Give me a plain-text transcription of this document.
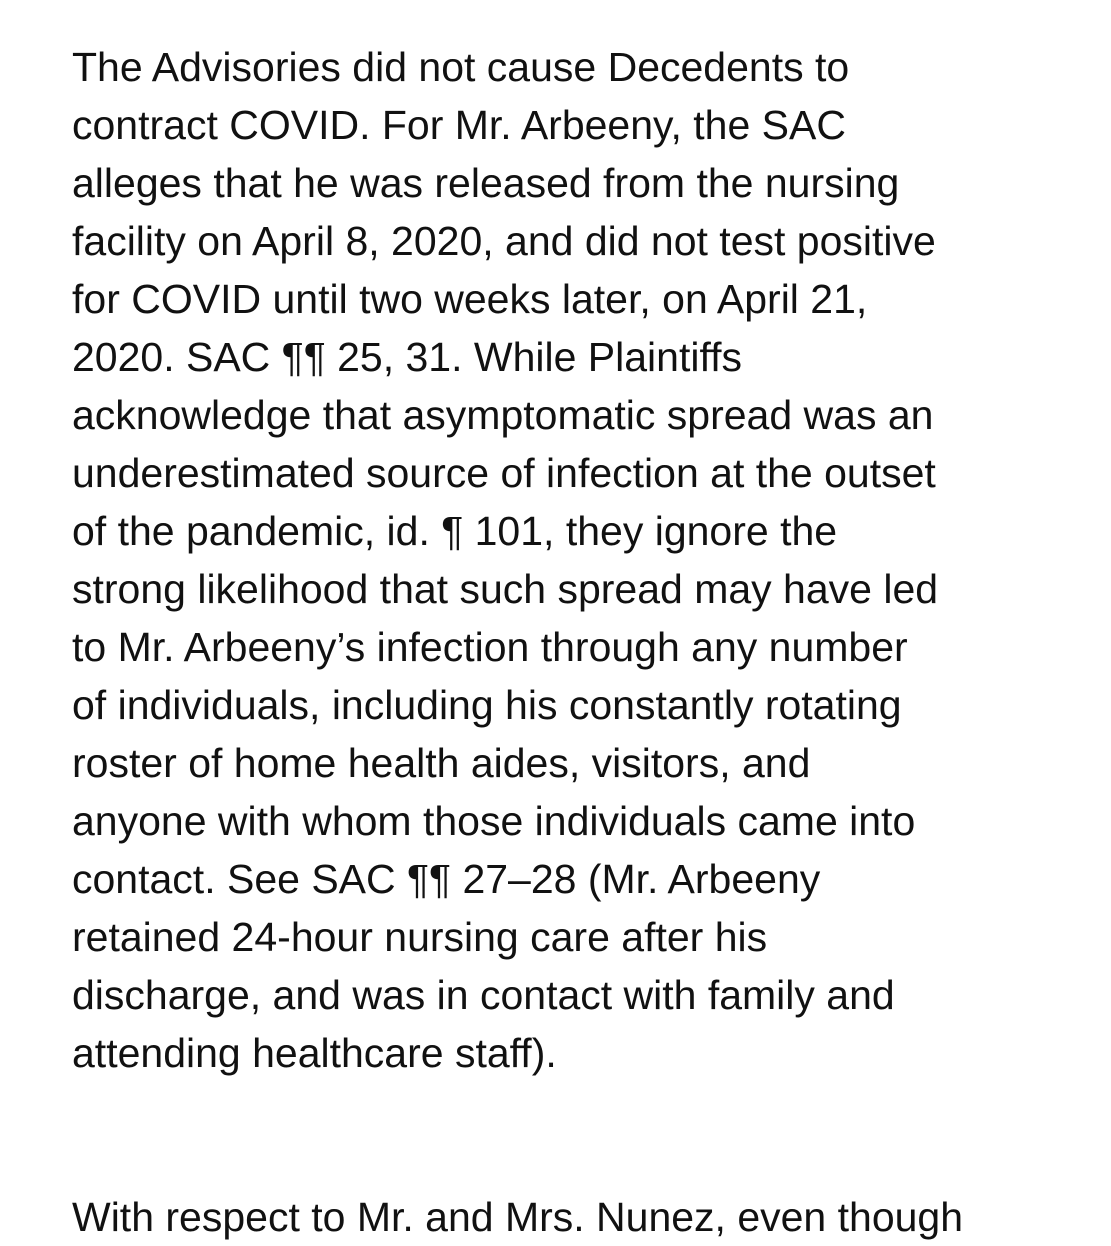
The Advisories did not cause Decedents to
contract COVID. For Mr. Arbeeny, the SAC
alleges that he was released from the nursing
facility on April 8, 2020, and did not test positive
for COVID until two weeks later, on April 21,
2020. SAC ¶¶ 25, 31. While Plaintiffs
acknowledge that asymptomatic spread was an
underestimated source of infection at the outset
of the pandemic, id. ¶ 101, they ignore the
strong likelihood that such spread may have led
to Mr. Arbeeny’s infection through any number
of individuals, including his constantly rotating
roster of home health aides, visitors, and
anyone with whom those individuals came into
contact. See SAC ¶¶ 27–28 (Mr. Arbeeny
retained 24-hour nursing care after his
discharge, and was in contact with family and
attending healthcare staff).

With respect to Mr. and Mrs. Nunez, even though
